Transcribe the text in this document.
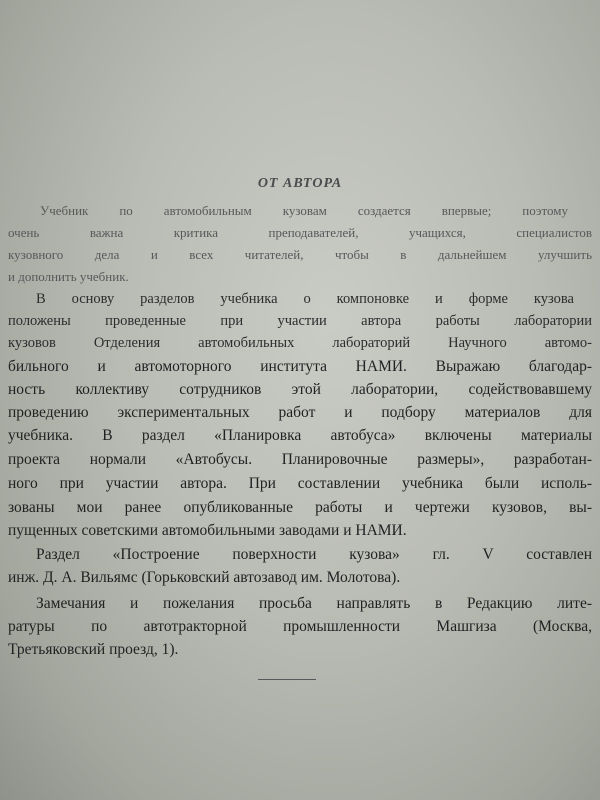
ОТ АВТОРА
Учебник по автомобильным кузовам создается впервые; поэтому
очень важна критика преподавателей, учащихся, специалистов
кузовного дела и всех читателей, чтобы в дальнейшем улучшить
и дополнить учебник.
В основу разделов учебника о компоновке и форме кузова
положены проведенные при участии автора работы лаборатории
кузовов Отделения автомобильных лабораторий Научного автомо-
бильного и автомоторного института НАМИ. Выражаю благодар-
ность коллективу сотрудников этой лаборатории, содействовавшему
проведению экспериментальных работ и подбору материалов для
учебника. В раздел «Планировка автобуса» включены материалы
проекта нормали «Автобусы. Планировочные размеры», разработан-
ного при участии автора. При составлении учебника были исполь-
зованы мои ранее опубликованные работы и чертежи кузовов, вы-
пущенных советскими автомобильными заводами и НАМИ.
Раздел «Построение поверхности кузова» гл. V составлен
инж. Д. А. Вильямс (Горьковский автозавод им. Молотова).
Замечания и пожелания просьба направлять в Редакцию лите-
ратуры по автотракторной промышленности Машгиза (Москва,
Третьяковский проезд, 1).
